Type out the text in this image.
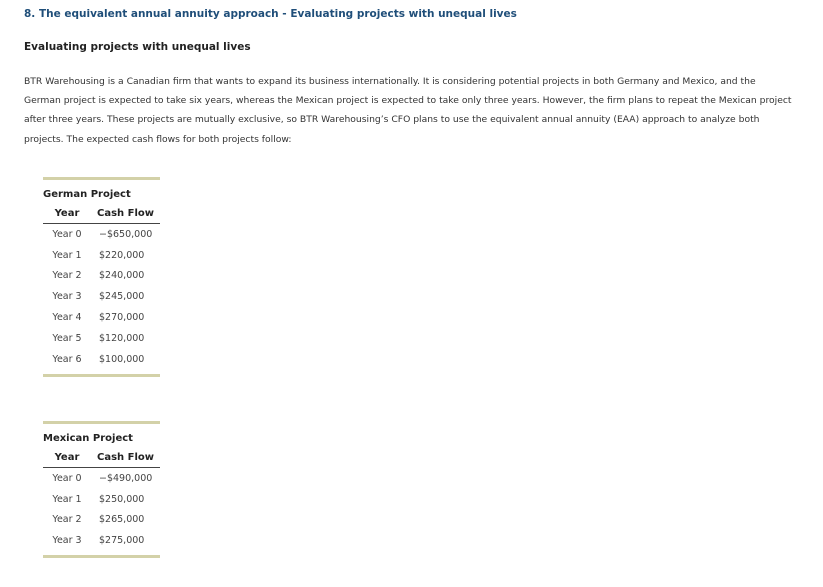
8. The equivalent annual annuity approach - Evaluating projects with unequal lives
Evaluating projects with unequal lives

BTR Warehousing is a Canadian firm that wants to expand its business internationally. It is considering potential projects in both Germany and Mexico, and the German project is expected to take six years, whereas the Mexican project is expected to take only three years. However, the firm plans to repeat the Mexican project after three years. These projects are mutually exclusive, so BTR Warehousing’s CFO plans to use the equivalent annual annuity (EAA) approach to analyze both projects. The expected cash flows for both projects follow:

German Project
Year	Cash Flow
Year 0	−$650,000
Year 1	$220,000
Year 2	$240,000
Year 3	$245,000
Year 4	$270,000
Year 5	$120,000
Year 6	$100,000
Mexican Project
Year	Cash Flow
Year 0	−$490,000
Year 1	$250,000
Year 2	$265,000
Year 3	$275,000
